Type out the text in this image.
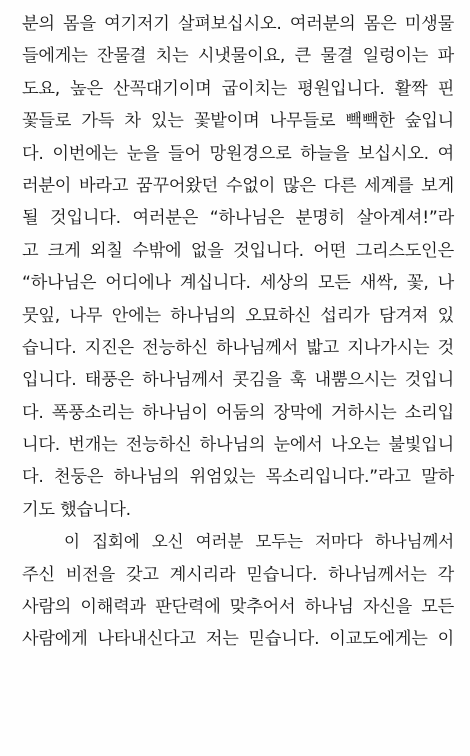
분의 몸을 여기저기 살펴보십시오. 여러분의 몸은 미생물
들에게는 잔물결 치는 시냇물이요, 큰 물결 일렁이는 파
도요, 높은 산꼭대기이며 굽이치는 평원입니다. 활짝 핀
꽃들로 가득 차 있는 꽃밭이며 나무들로 빽빽한 숲입니
다. 이번에는 눈을 들어 망원경으로 하늘을 보십시오. 여
러분이 바라고 꿈꾸어왔던 수없이 많은 다른 세계를 보게
될 것입니다. 여러분은 “하나님은 분명히 살아계셔!”라
고 크게 외칠 수밖에 없을 것입니다. 어떤 그리스도인은
“하나님은 어디에나 계십니다. 세상의 모든 새싹, 꽃, 나
뭇잎, 나무 안에는 하나님의 오묘하신 섭리가 담겨져 있
습니다. 지진은 전능하신 하나님께서 밟고 지나가시는 것
입니다. 태풍은 하나님께서 콧김을 훅 내뿜으시는 것입니
다. 폭풍소리는 하나님이 어둠의 장막에 거하시는 소리입
니다. 번개는 전능하신 하나님의 눈에서 나오는 불빛입니
다. 천둥은 하나님의 위엄있는 목소리입니다.”라고 말하
기도 했습니다.
이 집회에 오신 여러분 모두는 저마다 하나님께서
주신 비전을 갖고 계시리라 믿습니다. 하나님께서는 각
사람의 이해력과 판단력에 맞추어서 하나님 자신을 모든
사람에게 나타내신다고 저는 믿습니다. 이교도에게는 이
